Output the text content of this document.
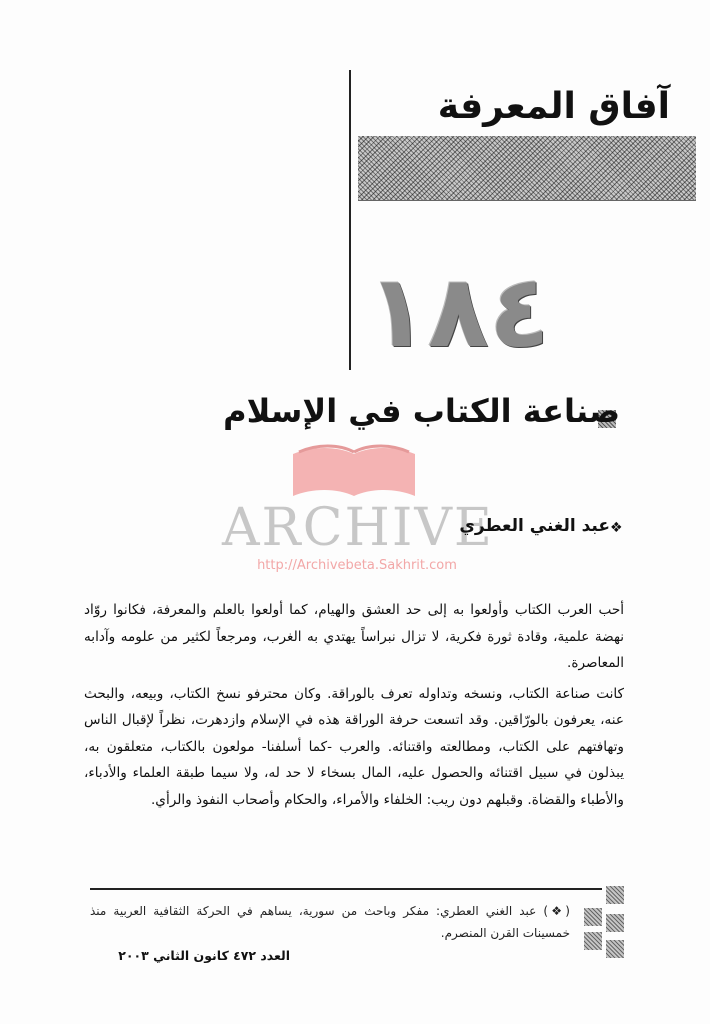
آفاق المعرفة
١٨٤
صناعة الكتاب في الإسلام
ARCHIVE
عبد الغني العطري ❖
http://Archivebeta.Sakhrit.com

أحب العرب الكتاب وأولعوا به إلى حد العشق والهيام، كما أولعوا بالعلم والمعرفة، فكانوا روّاد نهضة علمية، وقادة ثورة فكرية، لا تزال نبراساً يهتدي به الغرب، ومرجعاً لكثير من علومه وآدابه المعاصرة.

كانت صناعة الكتاب، ونسخه وتداوله تعرف بالوراقة. وكان محترفو نسخ الكتاب، وبيعه، والبحث عنه، يعرفون بالورّاقين. وقد اتسعت حرفة الوراقة هذه في الإسلام وازدهرت، نظراً لإقبال الناس وتهافتهم على الكتاب، ومطالعته واقتنائه. والعرب -كما أسلفنا- مولعون بالكتاب، متعلقون به، يبذلون في سبيل اقتنائه والحصول عليه، المال بسخاء لا حد له، ولا سيما طبقة العلماء والأدباء، والأطباء والقضاة. وقبلهم دون ريب: الخلفاء والأمراء، والحكام وأصحاب النفوذ والرأي.

(❖) عبد الغني العطري: مفكر وباحث من سورية، يساهم في الحركة الثقافية العربية منذ خمسينات القرن المنصرم.
العدد ٤٧٢ كانون الثاني ٢٠٠٣
